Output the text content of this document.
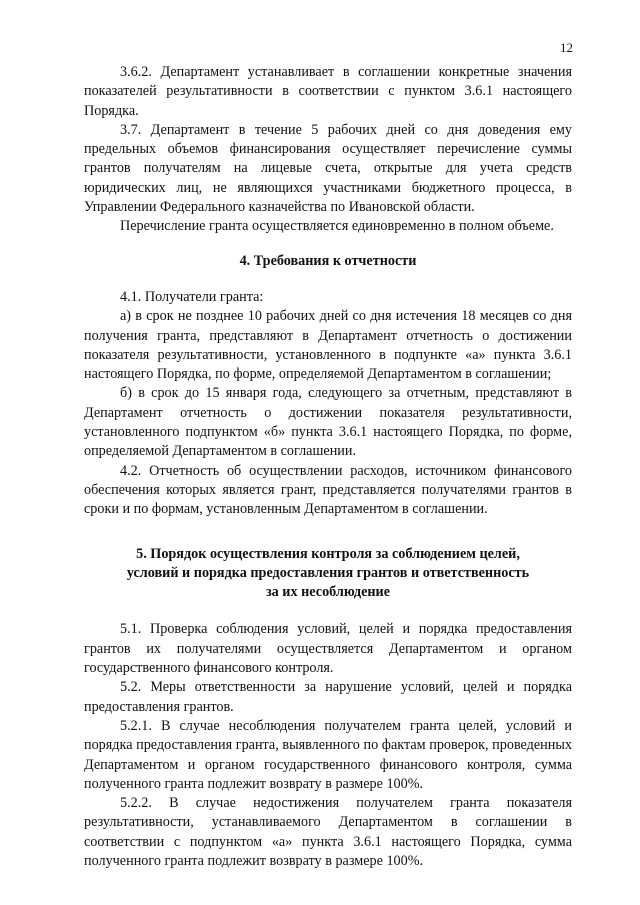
12

3.6.2. Департамент устанавливает в соглашении конкретные значения показателей результативности в соответствии с пунктом 3.6.1 настоящего Порядка.

3.7. Департамент в течение 5 рабочих дней со дня доведения ему предельных объемов финансирования осуществляет перечисление суммы грантов получателям на лицевые счета, открытые для учета средств юридических лиц, не являющихся участниками бюджетного процесса, в Управлении Федерального казначейства по Ивановской области.

Перечисление гранта осуществляется единовременно в полном объеме.

4. Требования к отчетности

4.1. Получатели гранта:

а) в срок не позднее 10 рабочих дней со дня истечения 18 месяцев со дня получения гранта, представляют в Департамент отчетность о достижении показателя результативности, установленного в подпункте «а» пункта 3.6.1 настоящего Порядка, по форме, определяемой Департаментом в соглашении;

б) в срок до 15 января года, следующего за отчетным, представляют в Департамент отчетность о достижении показателя результативности, установленного подпунктом «б» пункта 3.6.1 настоящего Порядка, по форме, определяемой Департаментом в соглашении.

4.2. Отчетность об осуществлении расходов, источником финансового обеспечения которых является грант, представляется получателями грантов в сроки и по формам, установленным Департаментом в соглашении.

5. Порядок осуществления контроля за соблюдением целей,
условий и порядка предоставления грантов и ответственность
за их несоблюдение

5.1. Проверка соблюдения условий, целей и порядка предоставления грантов их получателями осуществляется Департаментом и органом государственного финансового контроля.

5.2. Меры ответственности за нарушение условий, целей и порядка предоставления грантов.

5.2.1. В случае несоблюдения получателем гранта целей, условий и порядка предоставления гранта, выявленного по фактам проверок, проведенных Департаментом и органом государственного финансового контроля, сумма полученного гранта подлежит возврату в размере 100%.

5.2.2. В случае недостижения получателем гранта показателя результативности, устанавливаемого Департаментом в соглашении в соответствии с подпунктом «а» пункта 3.6.1 настоящего Порядка, сумма полученного гранта подлежит возврату в размере 100%.
